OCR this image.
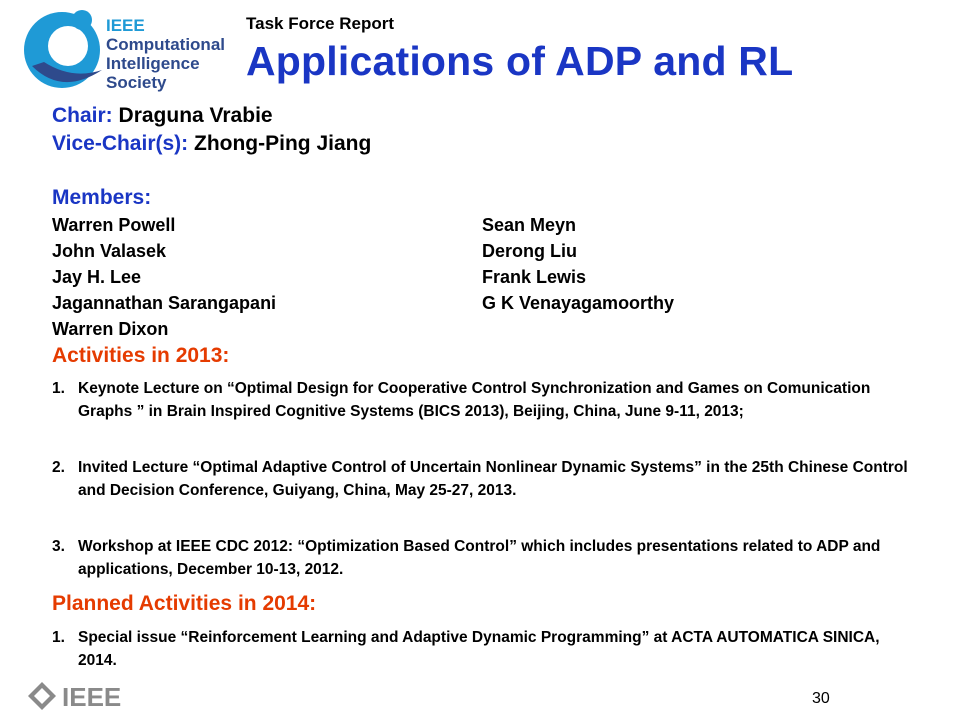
IEEE
Computational
Intelligence
Society
Task Force Report
Applications of ADP and RL
Chair: Draguna Vrabie
Vice-Chair(s): Zhong-Ping Jiang
Members:
Warren Powell	Sean Meyn
John Valasek	Derong Liu
Jay H. Lee	Frank Lewis
Jagannathan Sarangapani	G K Venayagamoorthy
Warren Dixon
Activities in 2013:
1. Keynote Lecture on “Optimal Design for Cooperative Control Synchronization and Games on Comunication Graphs ” in Brain Inspired Cognitive Systems (BICS 2013), Beijing, China, June 9-11, 2013;
2. Invited Lecture “Optimal Adaptive Control of Uncertain Nonlinear Dynamic Systems” in the 25th Chinese Control and Decision Conference, Guiyang, China, May 25-27, 2013.
3. Workshop at IEEE CDC 2012: “Optimization Based Control” which includes presentations related to ADP and applications, December 10-13, 2012.
Planned Activities in 2014:
1. Special issue “Reinforcement Learning and Adaptive Dynamic Programming” at ACTA AUTOMATICA SINICA, 2014.
IEEE	30
